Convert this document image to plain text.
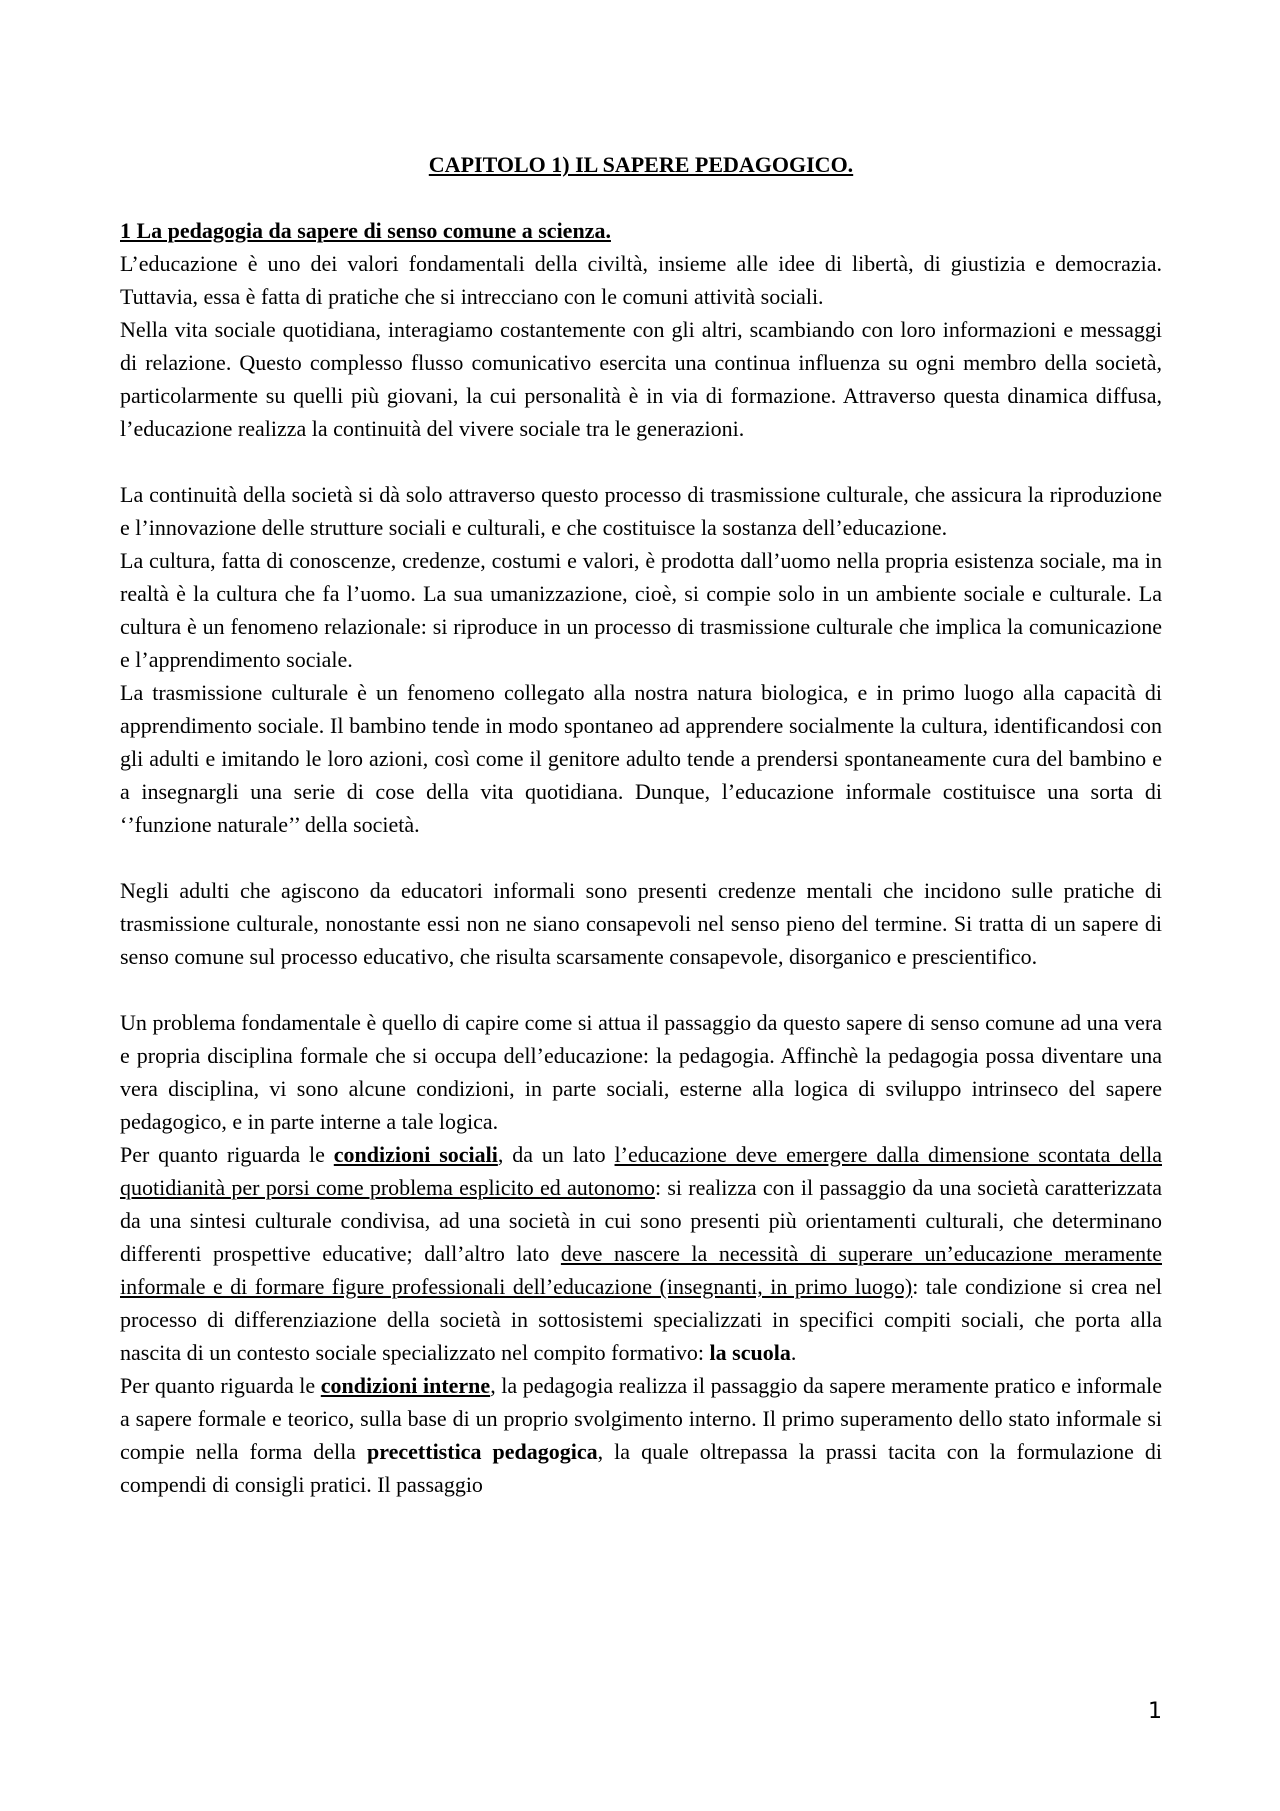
CAPITOLO 1) IL SAPERE PEDAGOGICO.
1 La pedagogia da sapere di senso comune a scienza.

L’educazione è uno dei valori fondamentali della civiltà, insieme alle idee di libertà, di giustizia e democrazia. Tuttavia, essa è fatta di pratiche che si intrecciano con le comuni attività sociali.

Nella vita sociale quotidiana, interagiamo costantemente con gli altri, scambiando con loro informazioni e messaggi di relazione. Questo complesso flusso comunicativo esercita una continua influenza su ogni membro della società, particolarmente su quelli più giovani, la cui personalità è in via di formazione. Attraverso questa dinamica diffusa, l’educazione realizza la continuità del vivere sociale tra le generazioni.

La continuità della società si dà solo attraverso questo processo di trasmissione culturale, che assicura la riproduzione e l’innovazione delle strutture sociali e culturali, e che costituisce la sostanza dell’educazione.

La cultura, fatta di conoscenze, credenze, costumi e valori, è prodotta dall’uomo nella propria esistenza sociale, ma in realtà è la cultura che fa l’uomo. La sua umanizzazione, cioè, si compie solo in un ambiente sociale e culturale. La cultura è un fenomeno relazionale: si riproduce in un processo di trasmissione culturale che implica la comunicazione e l’apprendimento sociale.

La trasmissione culturale è un fenomeno collegato alla nostra natura biologica, e in primo luogo alla capacità di apprendimento sociale. Il bambino tende in modo spontaneo ad apprendere socialmente la cultura, identificandosi con gli adulti e imitando le loro azioni, così come il genitore adulto tende a prendersi spontaneamente cura del bambino e a insegnargli una serie di cose della vita quotidiana. Dunque, l’educazione informale costituisce una sorta di ‘’funzione naturale’’ della società.

Negli adulti che agiscono da educatori informali sono presenti credenze mentali che incidono sulle pratiche di trasmissione culturale, nonostante essi non ne siano consapevoli nel senso pieno del termine. Si tratta di un sapere di senso comune sul processo educativo, che risulta scarsamente consapevole, disorganico e prescientifico.

Un problema fondamentale è quello di capire come si attua il passaggio da questo sapere di senso comune ad una vera e propria disciplina formale che si occupa dell’educazione: la pedagogia. Affinchè la pedagogia possa diventare una vera disciplina, vi sono alcune condizioni, in parte sociali, esterne alla logica di sviluppo intrinseco del sapere pedagogico, e in parte interne a tale logica.

Per quanto riguarda le condizioni sociali, da un lato l’educazione deve emergere dalla dimensione scontata della quotidianità per porsi come problema esplicito ed autonomo: si realizza con il passaggio da una società caratterizzata da una sintesi culturale condivisa, ad una società in cui sono presenti più orientamenti culturali, che determinano differenti prospettive educative; dall’altro lato deve nascere la necessità di superare un’educazione meramente informale e di formare figure professionali dell’educazione (insegnanti, in primo luogo): tale condizione si crea nel processo di differenziazione della società in sottosistemi specializzati in specifici compiti sociali, che porta alla nascita di un contesto sociale specializzato nel compito formativo: la scuola.

Per quanto riguarda le condizioni interne, la pedagogia realizza il passaggio da sapere meramente pratico e informale a sapere formale e teorico, sulla base di un proprio svolgimento interno. Il primo superamento dello stato informale si compie nella forma della precettistica pedagogica, la quale oltrepassa la prassi tacita con la formulazione di compendi di consigli pratici. Il passaggio

1
